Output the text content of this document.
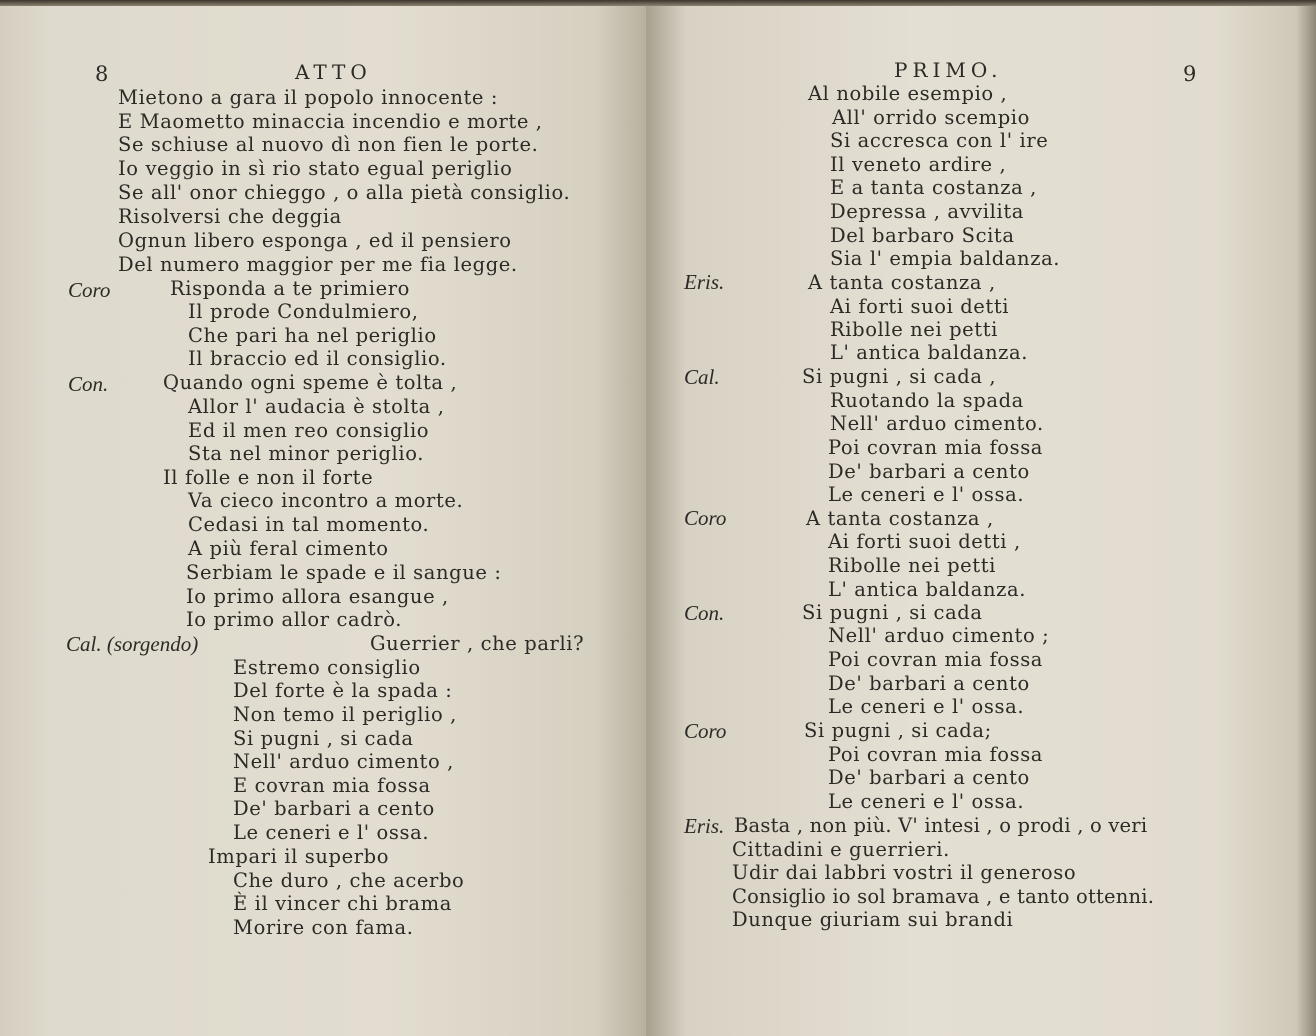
8	ATTO
Mietono a gara il popolo innocente :
E Maometto minaccia incendio e morte ,
Se schiuse al nuovo dì non fien le porte.
Io veggio in sì rio stato egual periglio
Se all' onor chieggo , o alla pietà consiglio.
Risolversi che deggia
Ognun libero esponga , ed il pensiero
Del numero maggior per me fia legge.
Coro	Risponda a te primiero
Il prode Condulmiero,
Che pari ha nel periglio
Il braccio ed il consiglio.
Con.	Quando ogni speme è tolta ,
Allor l' audacia è stolta ,
Ed il men reo consiglio
Sta nel minor periglio.
Il folle e non il forte
Va cieco incontro a morte.
Cedasi in tal momento.
A più feral cimento
Serbiam le spade e il sangue :
Io primo allora esangue ,
Io primo allor cadrò.
Cal. (sorgendo)	Guerrier , che parli?
Estremo consiglio
Del forte è la spada :
Non temo il periglio ,
Si pugni , si cada
Nell' arduo cimento ,
E covran mia fossa
De' barbari a cento
Le ceneri e l' ossa.
Impari il superbo
Che duro , che acerbo
È il vincer chi brama
Morire con fama.
PRIMO.	9
Al nobile esempio ,
All' orrido scempio
Si accresca con l' ire
Il veneto ardire ,
E a tanta costanza ,
Depressa , avvilita
Del barbaro Scita
Sia l' empia baldanza.
Eris.	A tanta costanza ,
Ai forti suoi detti
Ribolle nei petti
L' antica baldanza.
Cal.	Si pugni , si cada ,
Ruotando la spada
Nell' arduo cimento.
Poi covran mia fossa
De' barbari a cento
Le ceneri e l' ossa.
Coro	A tanta costanza ,
Ai forti suoi detti ,
Ribolle nei petti
L' antica baldanza.
Con.	Si pugni , si cada
Nell' arduo cimento ;
Poi covran mia fossa
De' barbari a cento
Le ceneri e l' ossa.
Coro	Si pugni , si cada;
Poi covran mia fossa
De' barbari a cento
Le ceneri e l' ossa.
Eris. Basta , non più. V' intesi , o prodi , o veri
Cittadini e guerrieri.
Udir dai labbri vostri il generoso
Consiglio io sol bramava , e tanto ottenni.
Dunque giuriam sui brandi
